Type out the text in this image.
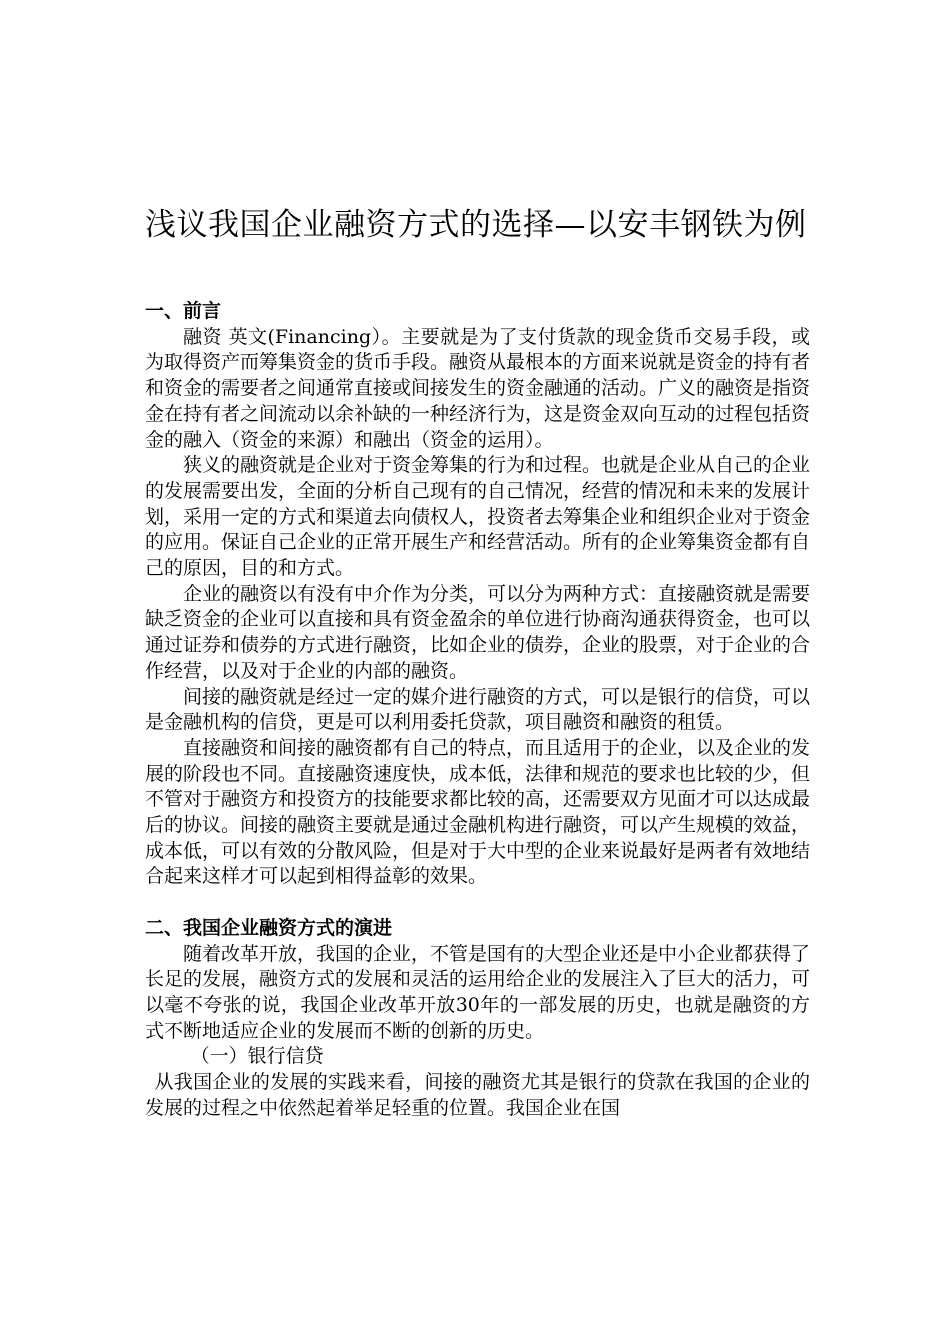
浅议我国企业融资方式的选择—以安丰钢铁为例

一、前言

融资 英文(Financing）。主要就是为了支付货款的现金货币交易手段，或为取得资产而筹集资金的货币手段。融资从最根本的方面来说就是资金的持有者和资金的需要者之间通常直接或间接发生的资金融通的活动。广义的融资是指资金在持有者之间流动以余补缺的一种经济行为，这是资金双向互动的过程包括资金的融入（资金的来源）和融出（资金的运用）。

狭义的融资就是企业对于资金筹集的行为和过程。也就是企业从自己的企业的发展需要出发，全面的分析自己现有的自己情况，经营的情况和未来的发展计划，采用一定的方式和渠道去向债权人，投资者去筹集企业和组织企业对于资金的应用。保证自己企业的正常开展生产和经营活动。所有的企业筹集资金都有自己的原因，目的和方式。

企业的融资以有没有中介作为分类，可以分为两种方式：直接融资就是需要缺乏资金的企业可以直接和具有资金盈余的单位进行协商沟通获得资金，也可以通过证券和债券的方式进行融资，比如企业的债券，企业的股票，对于企业的合作经营，以及对于企业的内部的融资。

间接的融资就是经过一定的媒介进行融资的方式，可以是银行的信贷，可以是金融机构的信贷，更是可以利用委托贷款，项目融资和融资的租赁。

直接融资和间接的融资都有自己的特点，而且适用于的企业，以及企业的发展的阶段也不同。直接融资速度快，成本低，法律和规范的要求也比较的少，但不管对于融资方和投资方的技能要求都比较的高，还需要双方见面才可以达成最后的协议。间接的融资主要就是通过金融机构进行融资，可以产生规模的效益，成本低，可以有效的分散风险，但是对于大中型的企业来说最好是两者有效地结合起来这样才可以起到相得益彰的效果。

二、我国企业融资方式的演进

随着改革开放，我国的企业，不管是国有的大型企业还是中小企业都获得了长足的发展，融资方式的发展和灵活的运用给企业的发展注入了巨大的活力，可以毫不夸张的说，我国企业改革开放30年的一部发展的历史，也就是融资的方式不断地适应企业的发展而不断的创新的历史。

（一）银行信贷

从我国企业的发展的实践来看，间接的融资尤其是银行的贷款在我国的企业的发展的过程之中依然起着举足轻重的位置。我国企业在国
